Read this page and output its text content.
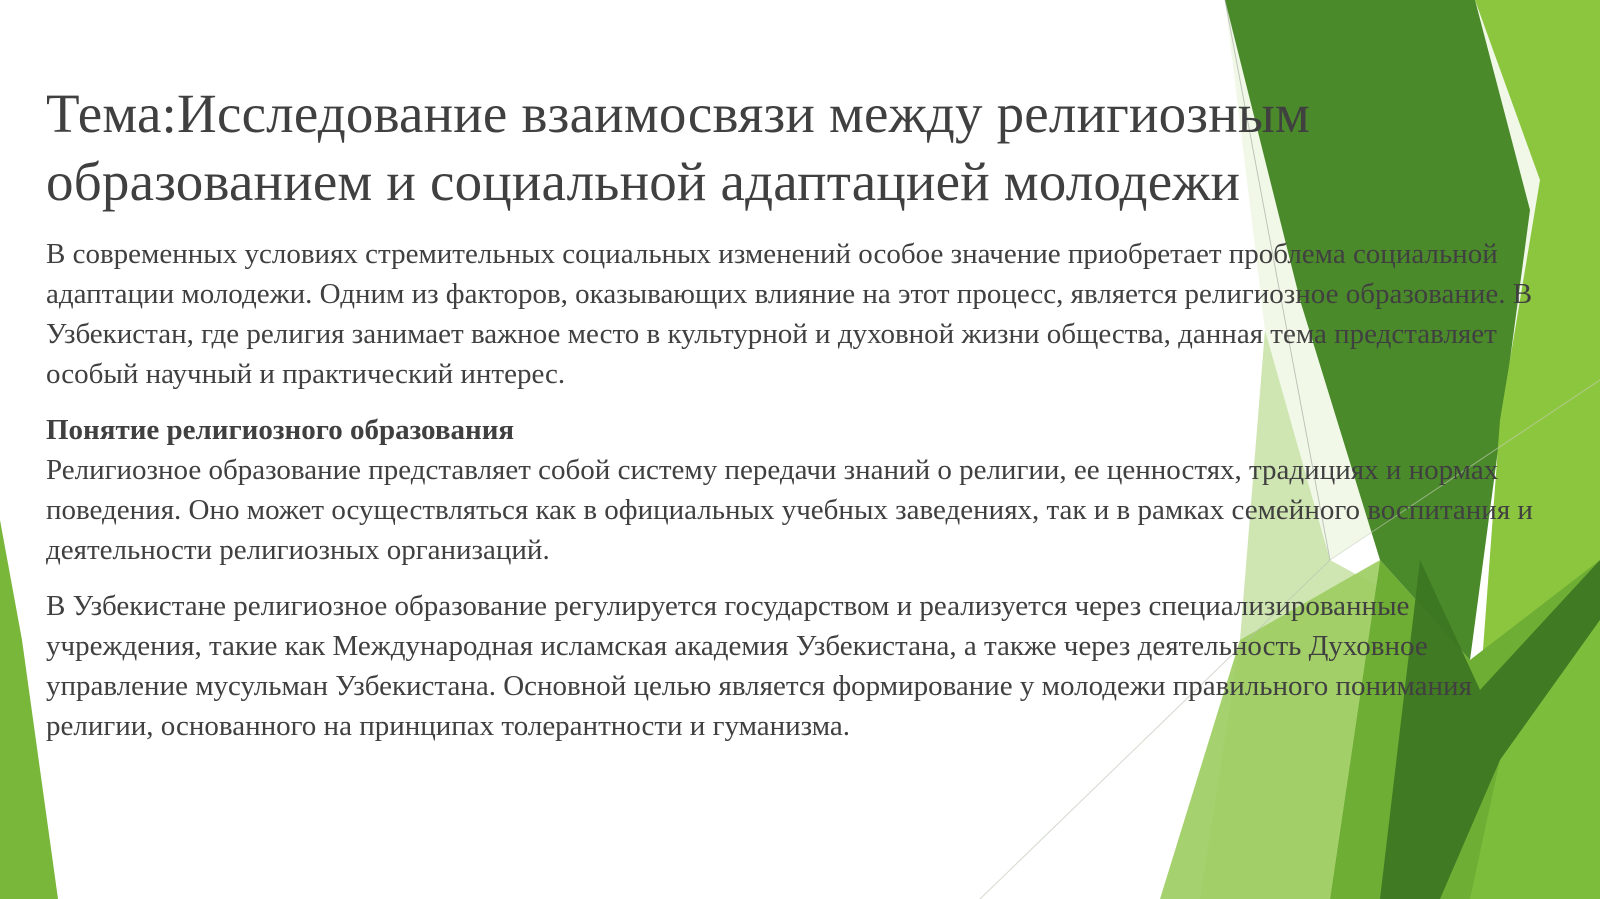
Тема:Исследование взаимосвязи между религиозным образованием и социальной адаптацией молодежи

В современных условиях стремительных социальных изменений особое значение приобретает проблема социальной адаптации молодежи. Одним из факторов, оказывающих влияние на этот процесс, является религиозное образование. В Узбекистан, где религия занимает важное место в культурной и духовной жизни общества, данная тема представляет особый научный и практический интерес.

Понятие религиозного образования
Религиозное образование представляет собой систему передачи знаний о религии, ее ценностях, традициях и нормах поведения. Оно может осуществляться как в официальных учебных заведениях, так и в рамках семейного воспитания и деятельности религиозных организаций.

В Узбекистане религиозное образование регулируется государством и реализуется через специализированные учреждения, такие как Международная исламская академия Узбекистана, а также через деятельность Духовное управление мусульман Узбекистана. Основной целью является формирование у молодежи правильного понимания религии, основанного на принципах толерантности и гуманизма.
